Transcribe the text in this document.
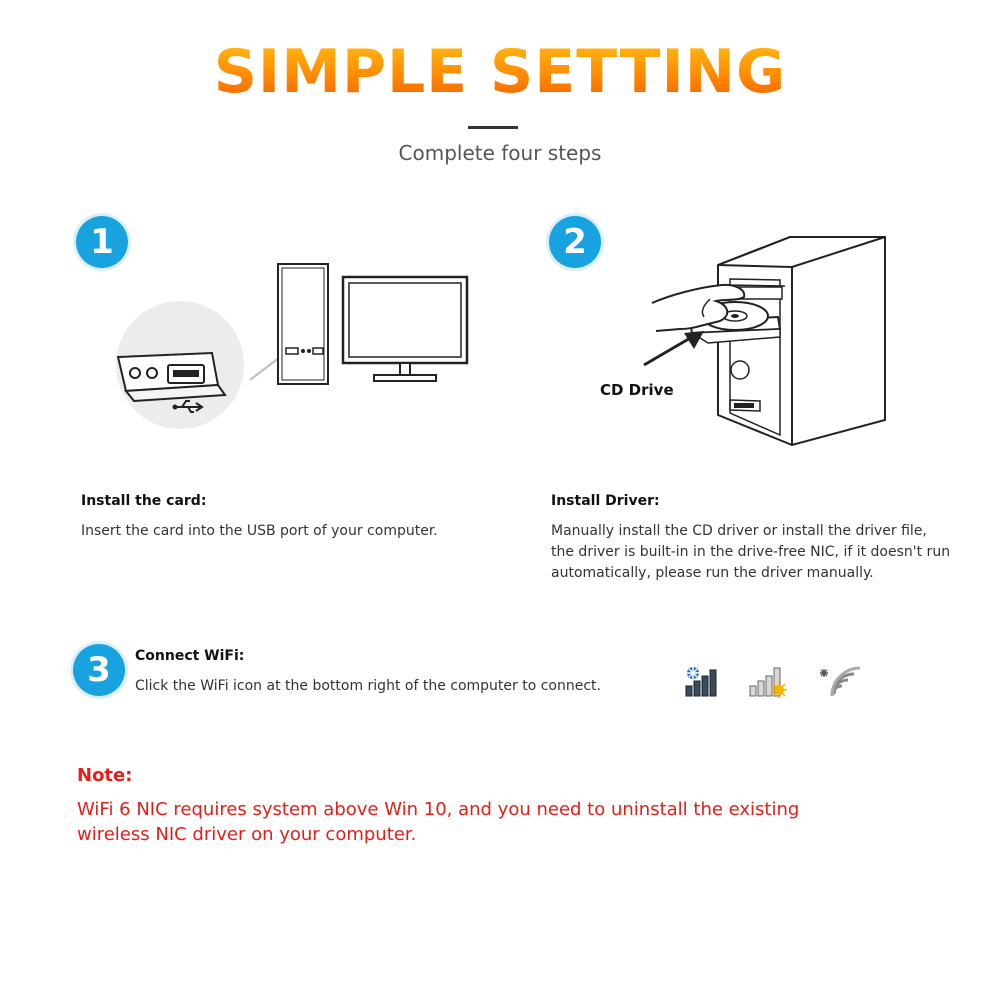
SIMPLE SETTING
Complete four steps
1
Install the card:
Insert the card into the USB port of your computer.
2
CD Drive
Install Driver:
Manually install the CD driver or install the driver file,
the driver is built-in in the drive-free NIC, if it doesn't run
automatically, please run the driver manually.
3	Connect WiFi:
Click the WiFi icon at the bottom right of the computer to connect.
Note:
WiFi 6 NIC requires system above Win 10, and you need to uninstall the existing
wireless NIC driver on your computer.
